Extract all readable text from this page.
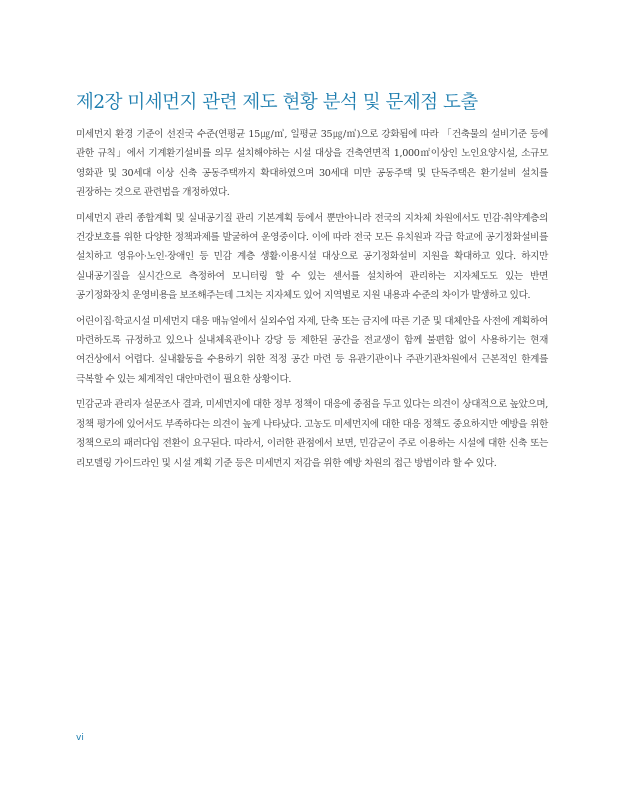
제2장 미세먼지 관련 제도 현황 분석 및 문제점 도출

미세먼지 환경 기준이 선진국 수준(연평균 15㎍/㎥, 일평균 35㎍/㎥)으로 강화됨에 따라 「건축물의 설비기준 등에 관한 규칙」에서 기계환기설비를 의무 설치해야하는 시설 대상을 건축연면적 1,000㎡이상인 노인요양시설, 소규모 영화관 및 30세대 이상 신축 공동주택까지 확대하였으며 30세대 미만 공동주택 및 단독주택은 환기설비 설치를 권장하는 것으로 관련법을 개정하였다.

미세먼지 관리 종합계획 및 실내공기질 관리 기본계획 등에서 뿐만아니라 전국의 지차체 차원에서도 민감·취약계층의 건강보호를 위한 다양한 정책과제를 발굴하여 운영중이다. 이에 따라 전국 모든 유치원과 각급 학교에 공기정화설비를 설치하고 영유아·노인·장애인 등 민감 계층 생활·이용시설 대상으로 공기정화설비 지원을 확대하고 있다. 하지만 실내공기질을 실시간으로 측정하여 모니터링 할 수 있는 센서를 설치하여 관리하는 지자체도도 있는 반면 공기정화장치 운영비용을 보조해주는데 그치는 지자체도 있어 지역별로 지원 내용과 수준의 차이가 발생하고 있다.

어린이집·학교시설 미세먼지 대응 매뉴얼에서 실외수업 자제, 단축 또는 금지에 따른 기준 및 대체안을 사전에 계획하여 마련하도록 규정하고 있으나 실내체육관이나 강당 등 제한된 공간을 전교생이 함께 불편함 없이 사용하기는 현재 여건상에서 어렵다. 실내활동을 수용하기 위한 적정 공간 마련 등 유관기관이나 주관기관차원에서 근본적인 한계를 극복할 수 있는 체계적인 대안마련이 필요한 상황이다.

민감군과 관리자 설문조사 결과, 미세먼지에 대한 정부 정책이 대응에 중점을 두고 있다는 의견이 상대적으로 높았으며, 정책 평가에 있어서도 부족하다는 의견이 높게 나타났다. 고농도 미세먼지에 대한 대응 정책도 중요하지만 예방을 위한 정책으로의 패러다임 전환이 요구된다. 따라서, 이러한 관점에서 보면, 민감군이 주로 이용하는 시설에 대한 신축 또는 리모델링 가이드라인 및 시설 계획 기준 등은 미세먼지 저감을 위한 예방 차원의 접근 방법이라 할 수 있다.

vi
